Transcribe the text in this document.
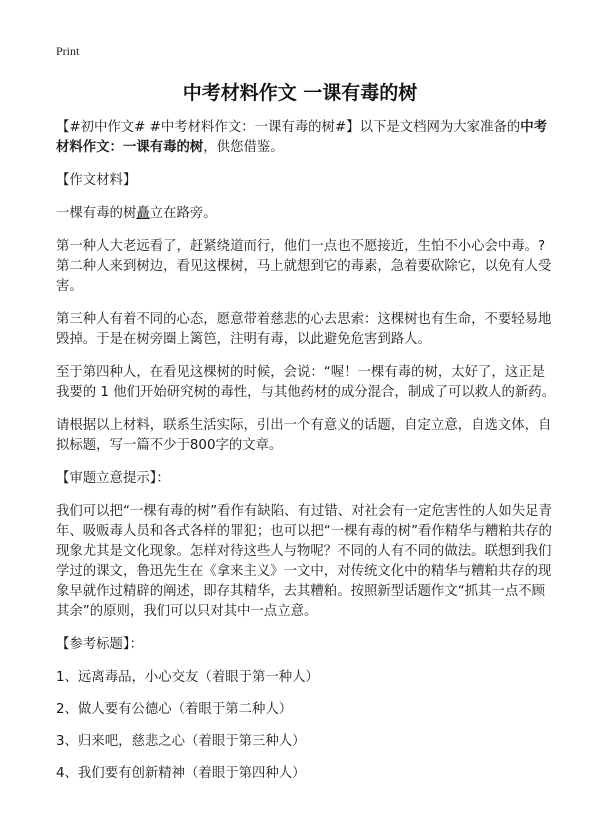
Print
中考材料作文 一课有毒的树

【#初中作文# #中考材料作文：一课有毒的树#】以下是文档网为大家准备的中考材料作文：一课有毒的树，供您借鉴。

【作文材料】

一棵有毒的树矗立在路旁。

第一种人大老远看了，赶紧绕道而行，他们一点也不愿接近，生怕不小心会中毒。?第二种人来到树边，看见这棵树，马上就想到它的毒素，急着要砍除它，以免有人受害。

第三种人有着不同的心态，愿意带着慈悲的心去思索：这棵树也有生命，不要轻易地毁掉。于是在树旁圈上篱笆，注明有毒，以此避免危害到路人。

至于第四种人，在看见这棵树的时候，会说：“喔！一棵有毒的树，太好了，这正是我要的 1 他们开始研究树的毒性，与其他药材的成分混合，制成了可以救人的新药。

请根据以上材料，联系生活实际，引出一个有意义的话题，自定立意，自选文体，自拟标题，写一篇不少于800字的文章。

【审题立意提示】：

我们可以把“一棵有毒的树”看作有缺陷、有过错、对社会有一定危害性的人如失足青年、吸贩毒人员和各式各样的罪犯；也可以把“一棵有毒的树”看作精华与糟粕共存的现象尤其是文化现象。怎样对待这些人与物呢？不同的人有不同的做法。联想到我们学过的课文，鲁迅先生在《拿来主义》一文中，对传统文化中的精华与糟粕共存的现象早就作过精辟的阐述，即存其精华，去其糟粕。按照新型话题作文“抓其一点不顾其余”的原则，我们可以只对其中一点立意。

【参考标题】：

1、远离毒品，小心交友（着眼于第一种人）

2、做人要有公德心（着眼于第二种人）

3、归来吧，慈悲之心（着眼于第三种人）

4、我们要有创新精神（着眼于第四种人）
